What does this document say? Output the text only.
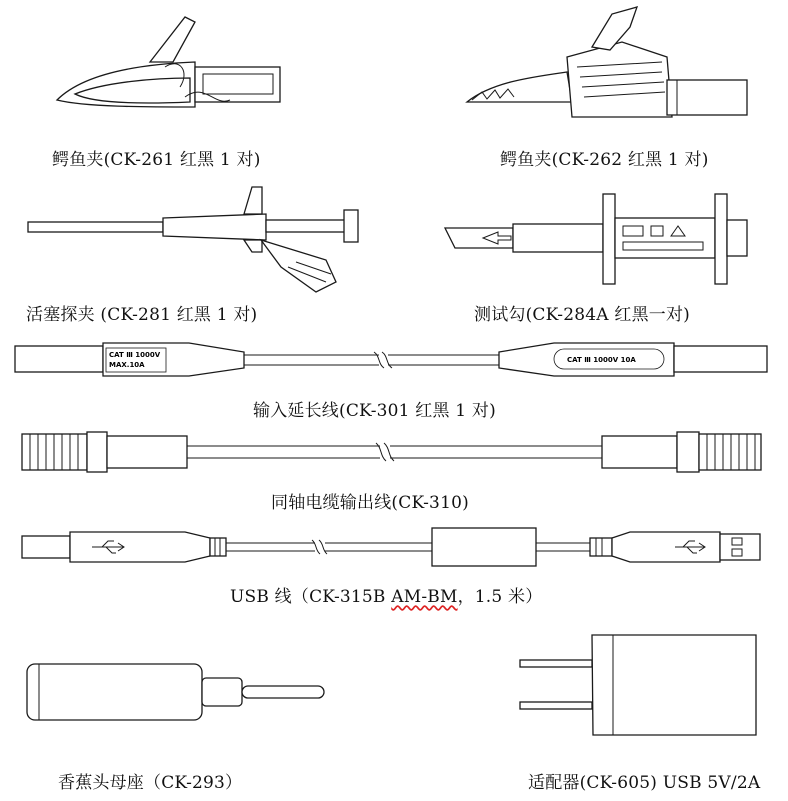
鳄鱼夹(CK-261 红黑 1 对)	鳄鱼夹(CK-262 红黑 1 对)
活塞探夹 (CK-281 红黑 1 对)	测试勾(CK-284A 红黑一对)
CAT Ⅲ 1000V
MAX.10A
CAT Ⅲ 1000V 10A
输入延长线(CK-301 红黑 1 对)
同轴电缆输出线(CK-310)
USB 线（CK-315B AM-BM，1.5 米）
香蕉头母座（CK-293）	适配器(CK-605) USB 5V/2A
